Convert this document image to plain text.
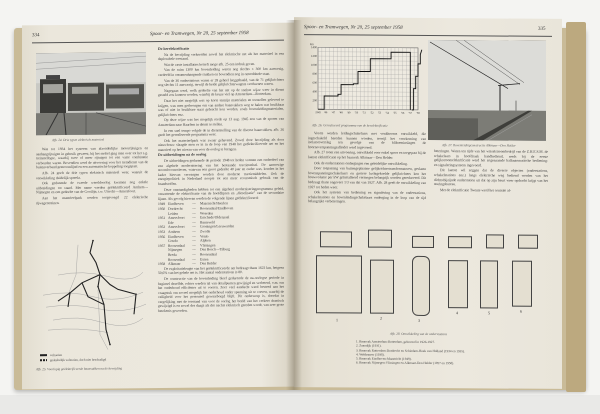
334	Spoor- en Tramwegen, Nr 20, 25 september 1958
Afb. 24. Drie typen elektrisch materieel

Was tot 1934 het systeem van afzonderlijke motorrijtuigen en aanhangrijtuigen in gebruik geweest, bij het stelsel ging men over tot het z.g. treinstelltype, waarbij twee of meer rijtuigen tot een vaste combinatie verbonden waren. Bovendien werd de uitvoering voor het treindienst van de buitenverband gestroomlijnd en een automatische koppeling toegepast.

Afb. 24 geeft de drie typen elektrisch materieel weer, waaruit de ontwikkeling duidelijk spreekt.

Ook gedurende de tweede wereldoorlog kwamen nog enkele uitbreidingen tot stand. Met name werden geëlektrificeerd Arnhem—Nijmegen en een gedeelte van de Gooilijn, t.w. Utrecht—Amersfoort.

Aan het materieelpark werden toegevoegd 22 elektrische rijwagentreinen.

voltooien
gedeeltelijk voltooien, doch niet beschadigd
Afb. 25. Voorlopig geëlektrificeerde baanvakken na de bevrijding
De herelektrificatie

Na de bevrijding verkeerden zowel het elektrische net als het materieel in een deplorabele toestand.

Wat de vaste installaties betreft moge afb. 25 een indruk geven.

Van de ruim 1300 km bovenleiding waren nog slechts ± 300 km aanwezig, verdeeld in onsamenhangende stukken en bovendien nog in ontredderde staat.

Van de 36 onderstations waren er 28 geheel leeggehaald, van de 71 gelijkrichters nog slechts 11 aanwezig, terwijl de beide gelijkrichterwagens verdwenen waren.

Nagegaan werd, welk gedeelte van het net op de snelste wijze weer in dienst gesteld zou kunnen worden, waarbij de keuze viel op Amsterdam—Rotterdam.

Daar het niet mogelijk was op korte termijn materialen en toestellen geleverd te krijgen, was men gedwongen om van andere baanvakken weg te halen wat bruikbaar was of niet in bruikbare staat gebracht kon worden, zoals bovenleidingmaterialen, gelijkrichters enz.

Op deze wijze was het mogelijk reeds op 13 aug. 1945 een van de sporen van Amsterdam naar Haarlem in dienst te stellen.

In een snel tempo volgde de in dienststelling van de diverse baanvakken, afb. 26 geeft het gerealiseerde programma weer.

Ook het materieelpark was zwaar gehavend. Zowel door bevrijding als door nieuwbouw slaagde men er in in de loop van 1948 het geëlektrificeerde net en het materieel op het niveau van voor de oorlog te brengen.

De uitbreidingen na de oorlog

De uitbreidingen gedurende de periode 1948 tot heden vormen een onderdeel van een algehele modernisering van het bestaande tractiestelsel. De aanwezige stoomlocomotieven, waarvan een groot gedeelte 40 jaar en ouder was, konden in het kader hiervan vervangen worden door moderne tractiemiddelen. Ook de energiepolitiek in Nederland noopte tot een meer economisch gebruik van de brandstoffen.

Deze omstandigheden hebben tot een algeheel moderniseringprogramma geleid, omvattende de elektrificatie van de hoofdlijnen en „dieselisatie” van de secundaire lijnen. Als gevolg hiervan werden de volgende lijnen geëlektrificeerd:

1949 Eindhoven	—	Maastricht/Heerlen
1950 Dordrecht	—	Roosendaal/Eindhoven
Leiden	—	Woerden
1951 Amersfoort	—	Enschede/Oldenzaal
Ede	—	Barneveld
1952 Amersfoort	—	Groningen/Leeuwarden
1953 Arnhem	—	Zwolle
1956 Eindhoven	—	Venlo
Gouda	—	Alphen
1957 Roosendaal	—	Vlissingen
Nijmegen	—	Den Bosch—Tilburg
Breda	—	Roosendaal
Roosendaal	—	Essen
1958 Alkmaar	—	Den Helder

De exploitatielengte van het geëlektrificeerde net bedraagt thans 1622 km, hetgeen 50,6% van het gehele net is. Het aantal onderstations is 80.

De constructie van de bovenleiding bleef gedurende de na-oorlogse periode in beginsel dezelfde, echter werden tal van detailpunten gewijzigd en verbeterd, o.m. om het onderhoud efficiënter uit te voeren. Zoer veel aandacht werd besteed aan het vraagstuk om zoveel mogelijk het onderhoud onder spanning uit te voeren, waarbij de veiligheid voor het personeel gewaarborgd blijft. Dit onderwerp is, doordat in vergelijking met de toestand van voor de oorlog het beeld van het verkeer drastisch gewijzigd is en zowel des daags als des nachts elektrisch gereden wordt, van zeer grote betekenis geworden.

Spoor- en Tramwegen, Nr 20, 25 september 1958	335
200
400
600
800
1000
1200
1400
1945 '46 '47 '48 '49 '50 '51 '52 '53 '54 '55 '56 '57 '58
km
Afb. 26. Gerealiseerd programma van de herelektrificatie
Afb. 27. Bovenleidingconstructie Alkmaar—Den Helder

Voorts werden leidingschakelaars met vonkhoorns ontwikkeld, die ingeschakeld bereden kunnen worden, terwijl het voorkoming van isolatoroverslag ten gevolge van de blikseminslagen de hoornoverspanningsafleider werd ingevoerd.

Afb. 27 toont een uitvoering, ontwikkeld voor enkel spoor en toegepast bij de laatste elektrificatie op het baanvak Alkmaar—Den Helder.

Ook de onderstations ondergingen een geleidelijke ontwikkeling.

Door toepassing van buitengeplaatste gelijkrichtertransformatoren, geslaten bovenspanningsschakelaars en grotere luchtgekoelde gelijkrichters kon het bouwvolume per kW geïnstalleerd vermogen belangrijk worden gereduceerd. Dit bedraagt thans ongeveer 1/3 van dat van 1927. Afb. 28 geeft de ontwikkeling van 1927 tot heden weer.

Ook het systeem van bediening en signalering van de onderstations, schakelstations en bovenleidingschakelaars onderging in de loop van de tijd belangrijke verbeteringen.

beteringen. Waren ten tijde van het wisselstroombedrijf van de Z.H.E.S.M. de schakelaars in hoofdzaak handbediend, reeds bij de eerste gelijkstroomelektrificatie werd het zogenaamde halfautomatische bediening- en signaleringsysteem ingevoerd.

Dit laatste wil zeggen dat de diverse objecten (onderstations, schakelstations enz.) langs elektrische weg bediend worden van het dichtstbijzijnde onderstation uit dat op zijn beurt weer opdracht krijgt van het sturingsbureau.

Met de elektrificatie Twente werd het centrale af-

1	2	3
4	5	6
Afb. 28. Ontwikkeling van de onderstations
1. Baanvak Amsterdam-Rotterdam, gebouwd in 1926-1927.
2. Zaandijk (1931).
3. Baanvak Rotterdam-Dordrecht en Schiedam-Hoek van Holland (1934 en 1935).
4. Weldemeer (1938).
5. Baanvak Eindhoven-Maastricht (1949).
6. Baanvak Nijmegen-Vlissingen en Alkmaar-Den Helder (1957 en 1958).
